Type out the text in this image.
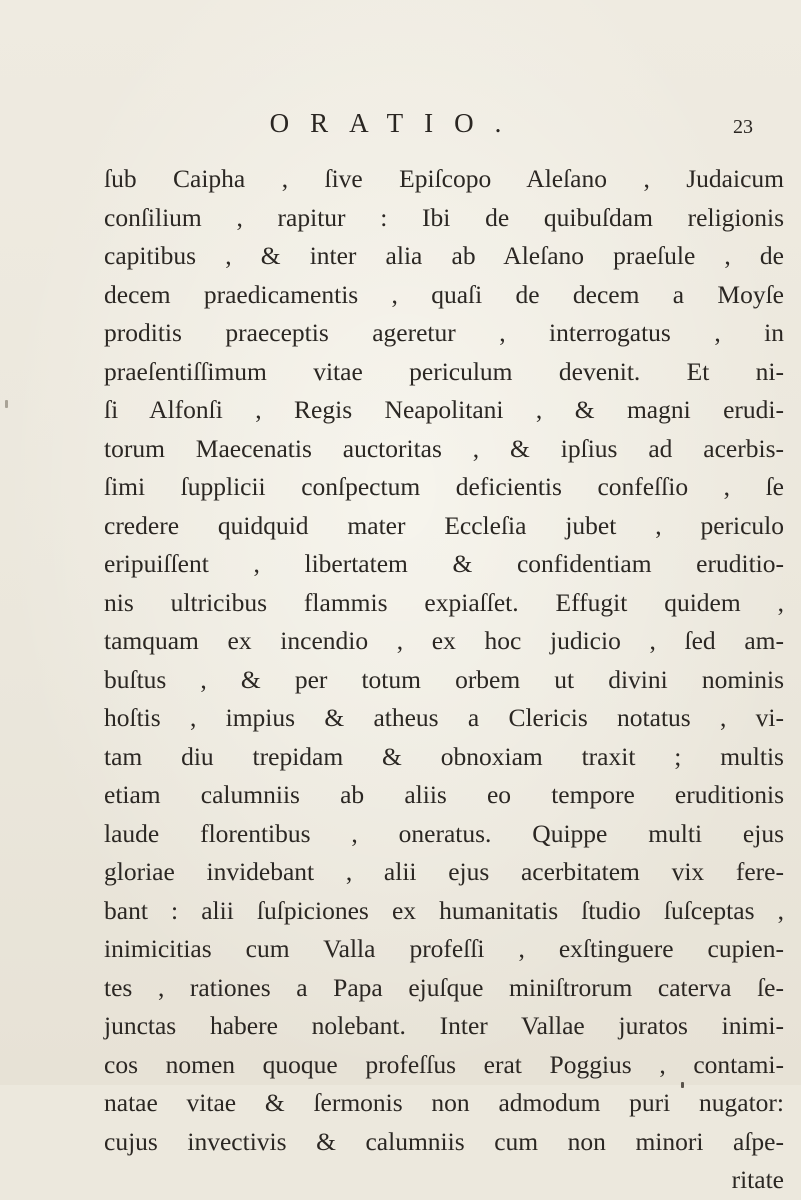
ORATIO.	23
ſub Caipha , ſive Epiſcopo Aleſano , Judaicum
conſilium , rapitur : Ibi de quibuſdam religionis
capitibus , & inter alia ab Aleſano praeſule , de
decem praedicamentis , quaſi de decem a Moyſe
proditis praeceptis ageretur , interrogatus , in
praeſentiſſimum vitae periculum devenit. Et ni-
ſi Alfonſi , Regis Neapolitani , & magni erudi-
torum Maecenatis auctoritas , & ipſius ad acerbis-
ſimi ſupplicii conſpectum deficientis confeſſio , ſe
credere quidquid mater Eccleſia jubet , periculo
eripuiſſent , libertatem & confidentiam eruditio-
nis ultricibus flammis expiaſſet. Effugit quidem ,
tamquam ex incendio , ex hoc judicio , ſed am-
buſtus , & per totum orbem ut divini nominis
hoſtis , impius & atheus a Clericis notatus , vi-
tam diu trepidam & obnoxiam traxit ; multis
etiam calumniis ab aliis eo tempore eruditionis
laude florentibus , oneratus. Quippe multi ejus
gloriae invidebant , alii ejus acerbitatem vix fere-
bant : alii ſuſpiciones ex humanitatis ſtudio ſuſceptas ,
inimicitias cum Valla profeſſi , exſtinguere cupien-
tes , rationes a Papa ejuſque miniſtrorum caterva ſe-
junctas habere nolebant. Inter Vallae juratos inimi-
cos nomen quoque profeſſus erat Poggius , contami-
natae vitae & ſermonis non admodum puri nugator:
cujus invectivis & calumniis cum non minori aſpe-
ritate
